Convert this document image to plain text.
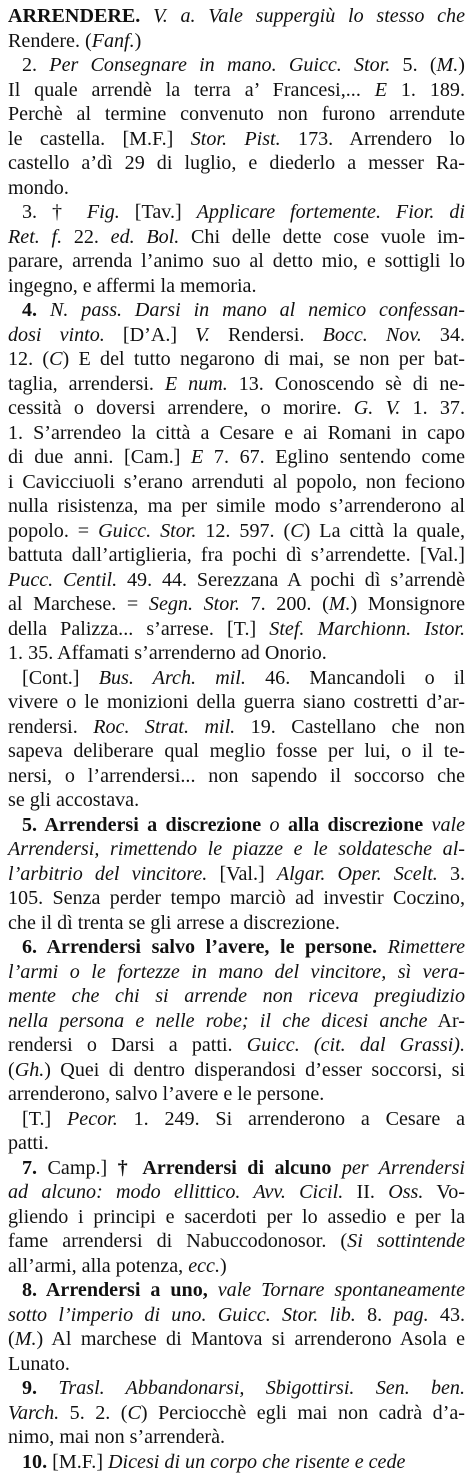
ARRENDERE. V. a. Vale suppergiù lo stesso che
Rendere. (Fanf.)
2. Per Consegnare in mano. Guicc. Stor. 5. (M.)
Il quale arrendè la terra a’ Francesi,... E 1. 189.
Perchè al termine convenuto non furono arrendute
le castella. [M.F.] Stor. Pist. 173. Arrendero lo
castello a’dì 29 di luglio, e diederlo a messer Ra-
mondo.
3. † Fig. [Tav.] Applicare fortemente. Fior. di
Ret. f. 22. ed. Bol. Chi delle dette cose vuole im-
parare, arrenda l’animo suo al detto mio, e sottigli lo
ingegno, e affermi la memoria.
4. N. pass. Darsi in mano al nemico confessan-
dosi vinto. [D’A.] V. Rendersi. Bocc. Nov. 34.
12. (C) E del tutto negarono di mai, se non per bat-
taglia, arrendersi. E num. 13. Conoscendo sè di ne-
cessità o doversi arrendere, o morire. G. V. 1. 37.
1. S’arrendeo la città a Cesare e ai Romani in capo
di due anni. [Cam.] E 7. 67. Eglino sentendo come
i Cavicciuoli s’erano arrenduti al popolo, non feciono
nulla risistenza, ma per simile modo s’arrenderono al
popolo. = Guicc. Stor. 12. 597. (C) La città la quale,
battuta dall’artiglieria, fra pochi dì s’arrendette. [Val.]
Pucc. Centil. 49. 44. Serezzana A pochi dì s’arrendè
al Marchese. = Segn. Stor. 7. 200. (M.) Monsignore
della Palizza... s’arrese. [T.] Stef. Marchionn. Istor.
1. 35. Affamati s’arrenderno ad Onorio.
[Cont.] Bus. Arch. mil. 46. Mancandoli o il
vivere o le monizioni della guerra siano costretti d’ar-
rendersi. Roc. Strat. mil. 19. Castellano che non
sapeva deliberare qual meglio fosse per lui, o il te-
nersi, o l’arrendersi... non sapendo il soccorso che
se gli accostava.
5. Arrendersi a discrezione o alla discrezione vale
Arrendersi, rimettendo le piazze e le soldatesche al-
l’arbitrio del vincitore. [Val.] Algar. Oper. Scelt. 3.
105. Senza perder tempo marciò ad investir Coczino,
che il dì trenta se gli arrese a discrezione.
6. Arrendersi salvo l’avere, le persone. Rimettere
l’armi o le fortezze in mano del vincitore, sì vera-
mente che chi si arrende non riceva pregiudizio
nella persona e nelle robe; il che dicesi anche Ar-
rendersi o Darsi a patti. Guicc. (cit. dal Grassi).
(Gh.) Quei di dentro disperandosi d’esser soccorsi, si
arrenderono, salvo l’avere e le persone.
[T.] Pecor. 1. 249. Si arrenderono a Cesare a
patti.
7. Camp.] † Arrendersi di alcuno per Arrendersi
ad alcuno: modo ellittico. Avv. Cicil. II. Oss. Vo-
gliendo i principi e sacerdoti per lo assedio e per la
fame arrendersi di Nabuccodonosor. (Si sottintende
all’armi, alla potenza, ecc.)
8. Arrendersi a uno, vale Tornare spontaneamente
sotto l’imperio di uno. Guicc. Stor. lib. 8. pag. 43.
(M.) Al marchese di Mantova si arrenderono Asola e
Lunato.
9. Trasl. Abbandonarsi, Sbigottirsi. Sen. ben.
Varch. 5. 2. (C) Perciocchè egli mai non cadrà d’a-
nimo, mai non s’arrenderà.
10. [M.F.] Dicesi di un corpo che risente e cede
